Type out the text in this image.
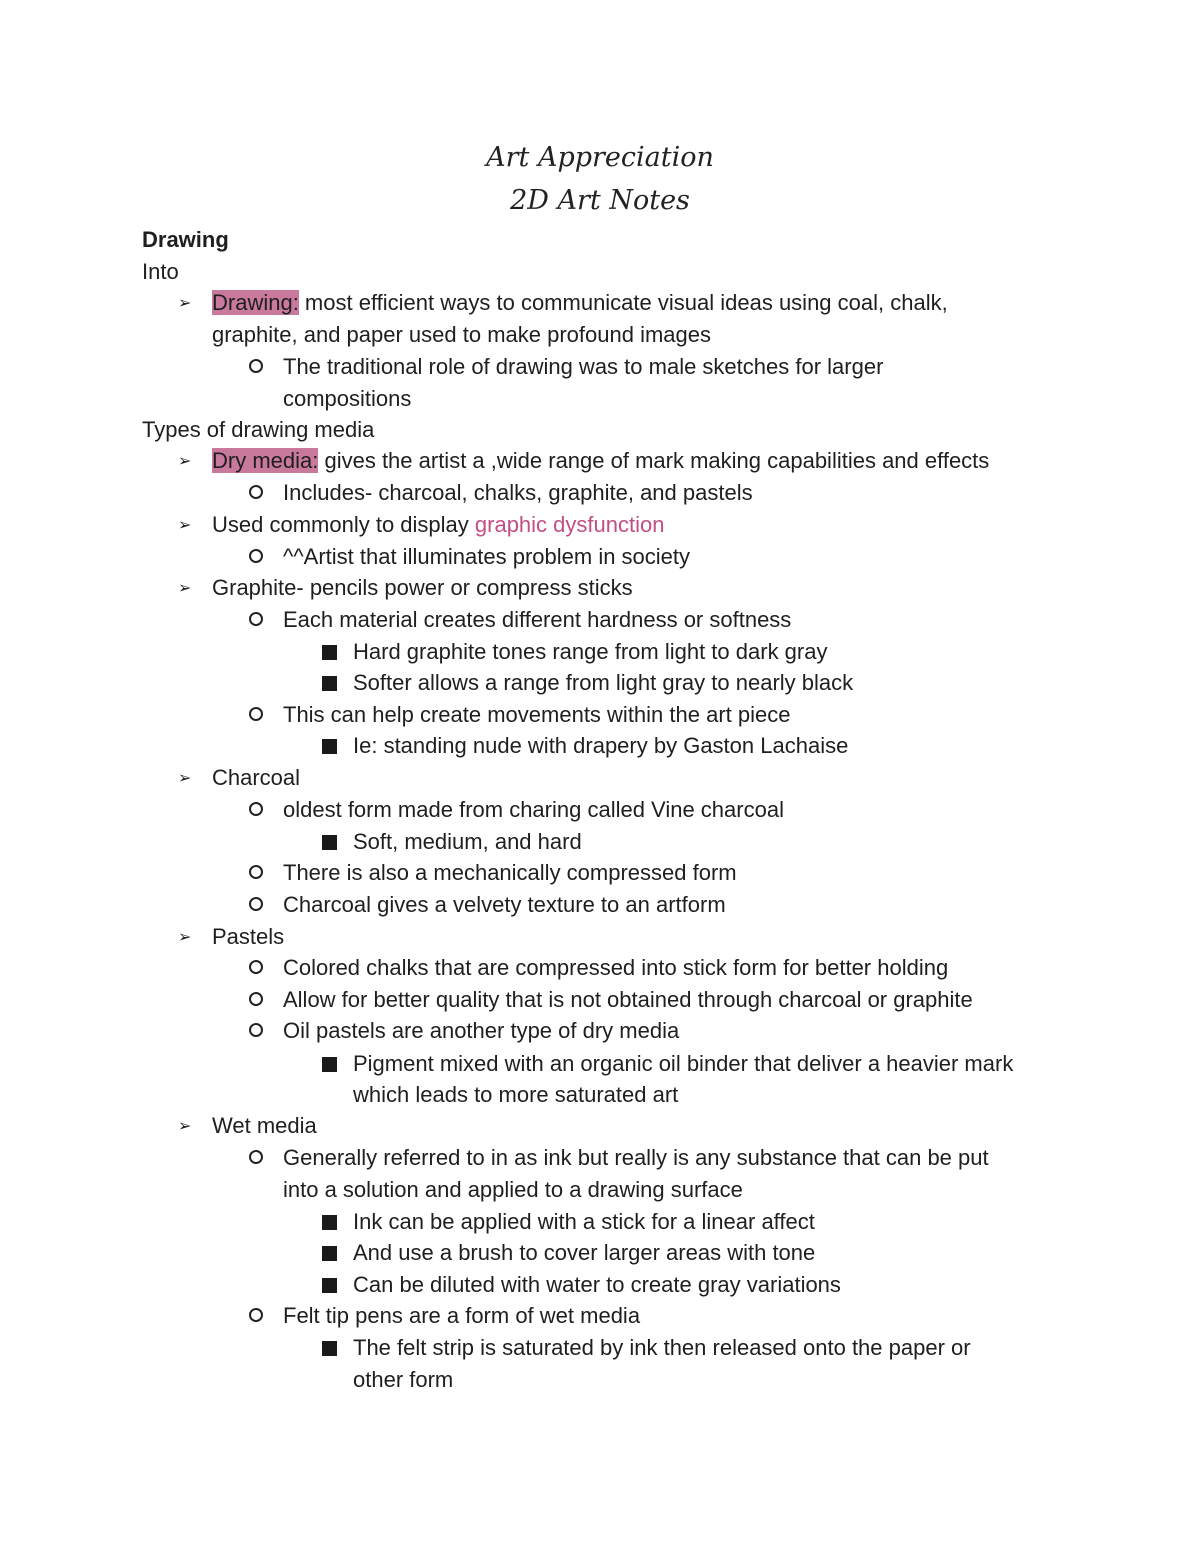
Art Appreciation
2D Art Notes
Drawing
Into
➢ Drawing: most efficient ways to communicate visual ideas using coal, chalk,
graphite, and paper used to make profound images
The traditional role of drawing was to male sketches for larger
compositions
Types of drawing media
➢ Dry media: gives the artist a ,wide range of mark making capabilities and effects
Includes- charcoal, chalks, graphite, and pastels
➢ Used commonly to display graphic dysfunction
^^Artist that illuminates problem in society
➢ Graphite- pencils power or compress sticks
Each material creates different hardness or softness
Hard graphite tones range from light to dark gray
Softer allows a range from light gray to nearly black
This can help create movements within the art piece
Ie: standing nude with drapery by Gaston Lachaise
➢ Charcoal
oldest form made from charing called Vine charcoal
Soft, medium, and hard
There is also a mechanically compressed form
Charcoal gives a velvety texture to an artform
➢ Pastels
Colored chalks that are compressed into stick form for better holding
Allow for better quality that is not obtained through charcoal or graphite
Oil pastels are another type of dry media
Pigment mixed with an organic oil binder that deliver a heavier mark
which leads to more saturated art
➢ Wet media
Generally referred to in as ink but really is any substance that can be put
into a solution and applied to a drawing surface
Ink can be applied with a stick for a linear affect
And use a brush to cover larger areas with tone
Can be diluted with water to create gray variations
Felt tip pens are a form of wet media
The felt strip is saturated by ink then released onto the paper or
other form
